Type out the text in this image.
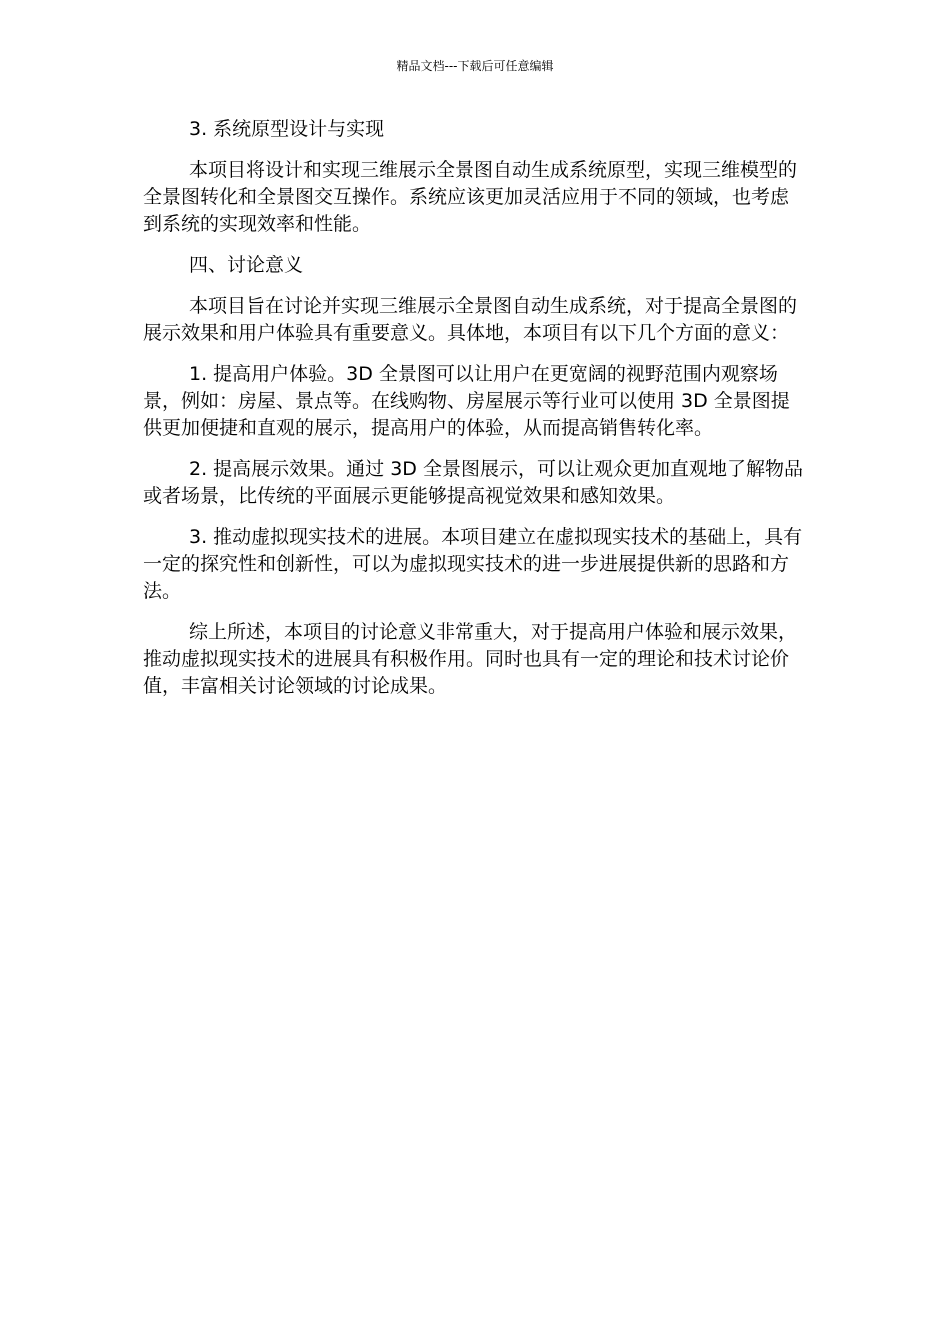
精品文档---下载后可任意编辑

3. 系统原型设计与实现

本项目将设计和实现三维展示全景图自动生成系统原型，实现三维模型的全景图转化和全景图交互操作。系统应该更加灵活应用于不同的领域，也考虑到系统的实现效率和性能。

四、讨论意义

本项目旨在讨论并实现三维展示全景图自动生成系统，对于提高全景图的展示效果和用户体验具有重要意义。具体地，本项目有以下几个方面的意义：

1. 提高用户体验。3D 全景图可以让用户在更宽阔的视野范围内观察场景，例如：房屋、景点等。在线购物、房屋展示等行业可以使用 3D 全景图提供更加便捷和直观的展示，提高用户的体验，从而提高销售转化率。

2. 提高展示效果。通过 3D 全景图展示，可以让观众更加直观地了解物品或者场景，比传统的平面展示更能够提高视觉效果和感知效果。

3. 推动虚拟现实技术的进展。本项目建立在虚拟现实技术的基础上，具有一定的探究性和创新性，可以为虚拟现实技术的进一步进展提供新的思路和方法。

综上所述，本项目的讨论意义非常重大，对于提高用户体验和展示效果，推动虚拟现实技术的进展具有积极作用。同时也具有一定的理论和技术讨论价值，丰富相关讨论领域的讨论成果。
